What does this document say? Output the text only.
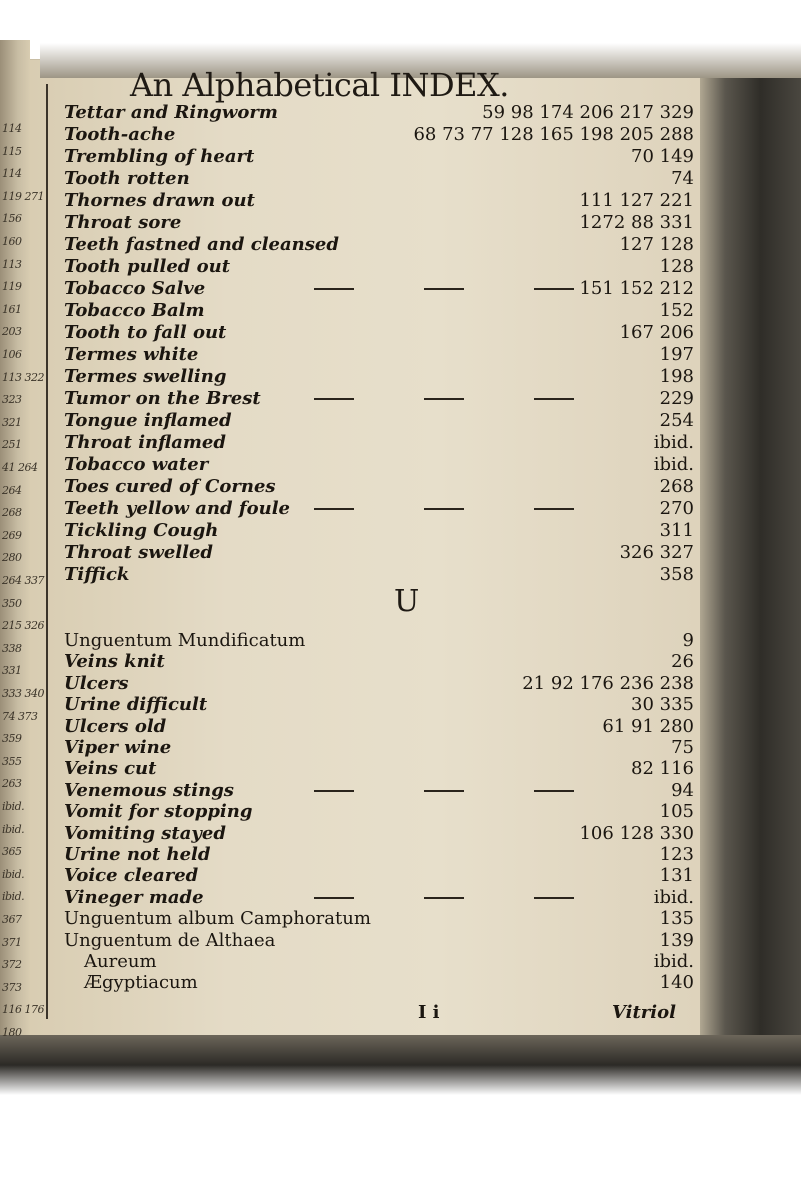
An Alphabetical INDEX.
114
115
114
119 271
156
160
113
119
161
203
106
113 322
323
321
251
41 264
264
268
269
280
264 337
350
215 326
338
331
333 340
74 373
359
355
263
ibid.
ibid.
365
ibid.
ibid.
367
371
372
373
116 176
180
Tettar and Ringworm	59 98 174 206 217 329
Tooth-ache	68 73 77 128 165 198 205 288
Trembling of heart	70 149
Tooth rotten	74
Thornes drawn out	111 127 221
Throat sore	1272 88 331
Teeth fastned and cleansed	127 128
Tooth pulled out	128
Tobacco Salve	151 152 212
Tobacco Balm	152
Tooth to fall out	167 206
Termes white	197
Termes swelling	198
Tumor on the Brest	229
Tongue inflamed	254
Throat inflamed	ibid.
Tobacco water	ibid.
Toes cured of Cornes	268
Teeth yellow and foule	270
Tickling Cough	311
Throat swelled	326 327
Tiffick	358
U
Unguentum Mundificatum	9
Veins knit	26
Ulcers	21 92 176 236 238
Urine difficult	30 335
Ulcers old	61 91 280
Viper wine	75
Veins cut	82 116
Venemous stings	94
Vomit for stopping	105
Vomiting stayed	106 128 330
Urine not held	123
Voice cleared	131
Vineger made	ibid.
Unguentum album Camphoratum	135
Unguentum de Althaea	139
Aureum	ibid.
Ægyptiacum	140
I i	Vitriol
